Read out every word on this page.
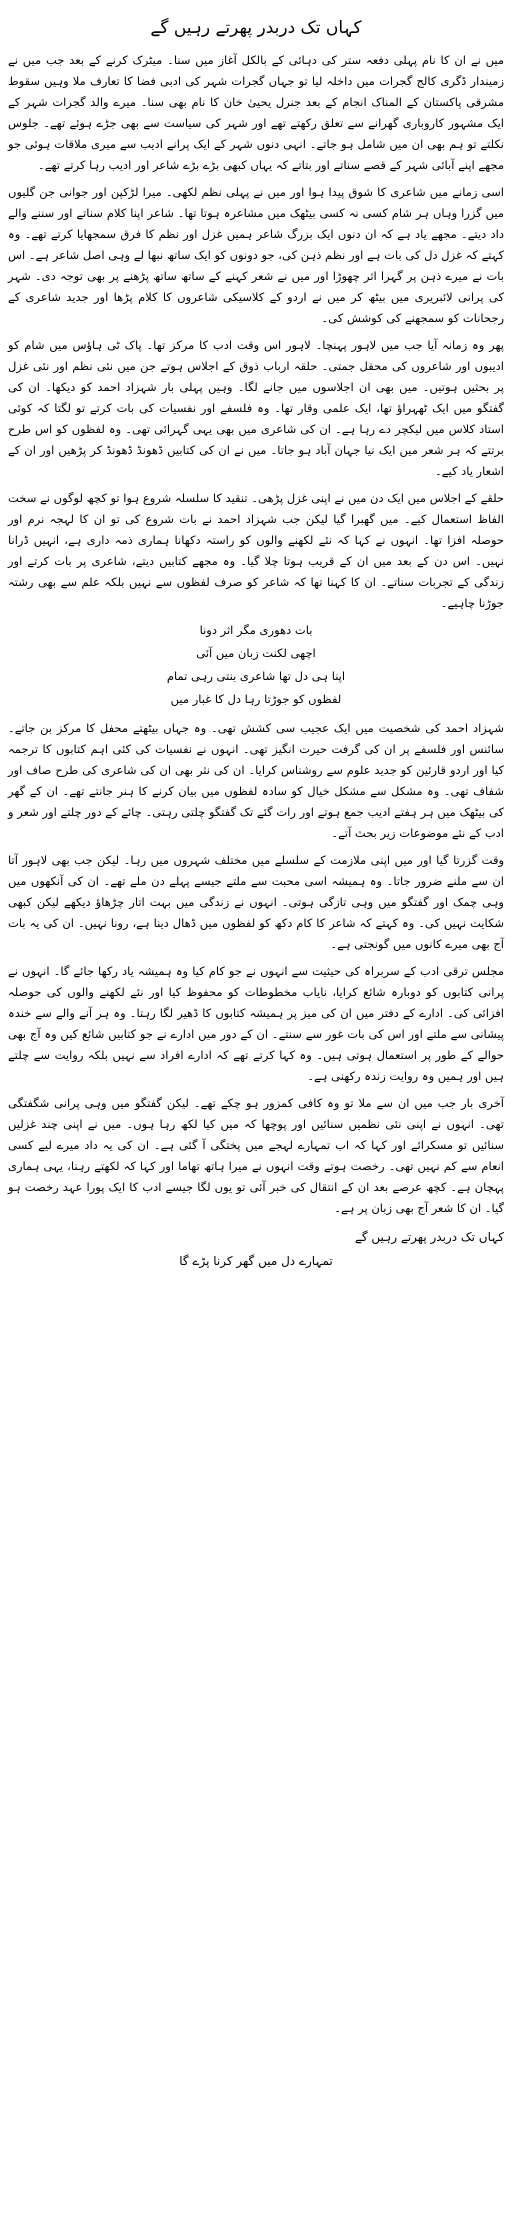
کہاں تک دربدر پھرتے رہیں گے

میں نے ان کا نام پہلی دفعہ ستر کی دہائی کے بالکل آغاز میں سنا۔ میٹرک کرنے کے بعد جب میں نے زمیندار ڈگری کالج گجرات میں داخلہ لیا تو جہاں گجرات شہر کی ادبی فضا کا تعارف ملا وہیں سقوط مشرقی پاکستان کے المناک انجام کے بعد جنرل یحییٰ خان کا نام بھی سنا۔ میرے والد گجرات شہر کے ایک مشہور کاروباری گھرانے سے تعلق رکھتے تھے اور شہر کی سیاست سے بھی جڑے ہوئے تھے۔ جلوس نکلتے تو ہم بھی ان میں شامل ہو جاتے۔ انہی دنوں شہر کے ایک پرانے ادیب سے میری ملاقات ہوئی جو مجھے اپنے آبائی شہر کے قصے سناتے اور بتاتے کہ یہاں کبھی بڑے بڑے شاعر اور ادیب رہا کرتے تھے۔

اسی زمانے میں شاعری کا شوق پیدا ہوا اور میں نے پہلی نظم لکھی۔ میرا لڑکپن اور جوانی جن گلیوں میں گزرا وہاں ہر شام کسی نہ کسی بیٹھک میں مشاعرہ ہوتا تھا۔ شاعر اپنا کلام سناتے اور سننے والے داد دیتے۔ مجھے یاد ہے کہ ان دنوں ایک بزرگ شاعر ہمیں غزل اور نظم کا فرق سمجھایا کرتے تھے۔ وہ کہتے کہ غزل دل کی بات ہے اور نظم ذہن کی، جو دونوں کو ایک ساتھ نبھا لے وہی اصل شاعر ہے۔ اس بات نے میرے ذہن پر گہرا اثر چھوڑا اور میں نے شعر کہنے کے ساتھ ساتھ پڑھنے پر بھی توجہ دی۔ شہر کی پرانی لائبریری میں بیٹھ کر میں نے اردو کے کلاسیکی شاعروں کا کلام پڑھا اور جدید شاعری کے رجحانات کو سمجھنے کی کوشش کی۔

پھر وہ زمانہ آیا جب میں لاہور پہنچا۔ لاہور اس وقت ادب کا مرکز تھا۔ پاک ٹی ہاؤس میں شام کو ادیبوں اور شاعروں کی محفل جمتی۔ حلقہ ارباب ذوق کے اجلاس ہوتے جن میں نئی نظم اور نئی غزل پر بحثیں ہوتیں۔ میں بھی ان اجلاسوں میں جانے لگا۔ وہیں پہلی بار شہزاد احمد کو دیکھا۔ ان کی گفتگو میں ایک ٹھہراؤ تھا، ایک علمی وقار تھا۔ وہ فلسفے اور نفسیات کی بات کرتے تو لگتا کہ کوئی استاد کلاس میں لیکچر دے رہا ہے۔ ان کی شاعری میں بھی یہی گہرائی تھی۔ وہ لفظوں کو اس طرح برتتے کہ ہر شعر میں ایک نیا جہان آباد ہو جاتا۔ میں نے ان کی کتابیں ڈھونڈ ڈھونڈ کر پڑھیں اور ان کے اشعار یاد کیے۔

حلقے کے اجلاس میں ایک دن میں نے اپنی غزل پڑھی۔ تنقید کا سلسلہ شروع ہوا تو کچھ لوگوں نے سخت الفاظ استعمال کیے۔ میں گھبرا گیا لیکن جب شہزاد احمد نے بات شروع کی تو ان کا لہجہ نرم اور حوصلہ افزا تھا۔ انہوں نے کہا کہ نئے لکھنے والوں کو راستہ دکھانا ہماری ذمہ داری ہے، انہیں ڈرانا نہیں۔ اس دن کے بعد میں ان کے قریب ہوتا چلا گیا۔ وہ مجھے کتابیں دیتے، شاعری پر بات کرتے اور زندگی کے تجربات سناتے۔ ان کا کہنا تھا کہ شاعر کو صرف لفظوں سے نہیں بلکہ علم سے بھی رشتہ جوڑنا چاہیے۔

بات دھوری مگر اثر دونا
اچھی لکنت زبان میں آئی
اپنا ہی دل تھا شاعری بنتی رہی تمام
لفظوں کو جوڑتا رہا دل کا غبار میں

شہزاد احمد کی شخصیت میں ایک عجیب سی کشش تھی۔ وہ جہاں بیٹھتے محفل کا مرکز بن جاتے۔ سائنس اور فلسفے پر ان کی گرفت حیرت انگیز تھی۔ انہوں نے نفسیات کی کئی اہم کتابوں کا ترجمہ کیا اور اردو قارئین کو جدید علوم سے روشناس کرایا۔ ان کی نثر بھی ان کی شاعری کی طرح صاف اور شفاف تھی۔ وہ مشکل سے مشکل خیال کو سادہ لفظوں میں بیان کرنے کا ہنر جانتے تھے۔ ان کے گھر کی بیٹھک میں ہر ہفتے ادیب جمع ہوتے اور رات گئے تک گفتگو چلتی رہتی۔ چائے کے دور چلتے اور شعر و ادب کے نئے موضوعات زیر بحث آتے۔

وقت گزرتا گیا اور میں اپنی ملازمت کے سلسلے میں مختلف شہروں میں رہا۔ لیکن جب بھی لاہور آتا ان سے ملنے ضرور جاتا۔ وہ ہمیشہ اسی محبت سے ملتے جیسے پہلے دن ملے تھے۔ ان کی آنکھوں میں وہی چمک اور گفتگو میں وہی تازگی ہوتی۔ انہوں نے زندگی میں بہت اتار چڑھاؤ دیکھے لیکن کبھی شکایت نہیں کی۔ وہ کہتے کہ شاعر کا کام دکھ کو لفظوں میں ڈھال دینا ہے، رونا نہیں۔ ان کی یہ بات آج بھی میرے کانوں میں گونجتی ہے۔

مجلس ترقی ادب کے سربراہ کی حیثیت سے انہوں نے جو کام کیا وہ ہمیشہ یاد رکھا جائے گا۔ انہوں نے پرانی کتابوں کو دوبارہ شائع کرایا، نایاب مخطوطات کو محفوظ کیا اور نئے لکھنے والوں کی حوصلہ افزائی کی۔ ادارے کے دفتر میں ان کی میز پر ہمیشہ کتابوں کا ڈھیر لگا رہتا۔ وہ ہر آنے والے سے خندہ پیشانی سے ملتے اور اس کی بات غور سے سنتے۔ ان کے دور میں ادارے نے جو کتابیں شائع کیں وہ آج بھی حوالے کے طور پر استعمال ہوتی ہیں۔ وہ کہا کرتے تھے کہ ادارے افراد سے نہیں بلکہ روایت سے چلتے ہیں اور ہمیں وہ روایت زندہ رکھنی ہے۔

آخری بار جب میں ان سے ملا تو وہ کافی کمزور ہو چکے تھے۔ لیکن گفتگو میں وہی پرانی شگفتگی تھی۔ انہوں نے اپنی نئی نظمیں سنائیں اور پوچھا کہ میں کیا لکھ رہا ہوں۔ میں نے اپنی چند غزلیں سنائیں تو مسکرائے اور کہا کہ اب تمہارے لہجے میں پختگی آ گئی ہے۔ ان کی یہ داد میرے لیے کسی انعام سے کم نہیں تھی۔ رخصت ہوتے وقت انہوں نے میرا ہاتھ تھاما اور کہا کہ لکھتے رہنا، یہی ہماری پہچان ہے۔ کچھ عرصے بعد ان کے انتقال کی خبر آئی تو یوں لگا جیسے ادب کا ایک پورا عہد رخصت ہو گیا۔ ان کا شعر آج بھی زبان پر ہے۔

کہاں تک دربدر پھرتے رہیں گے
تمہارے دل میں گھر کرنا پڑے گا
